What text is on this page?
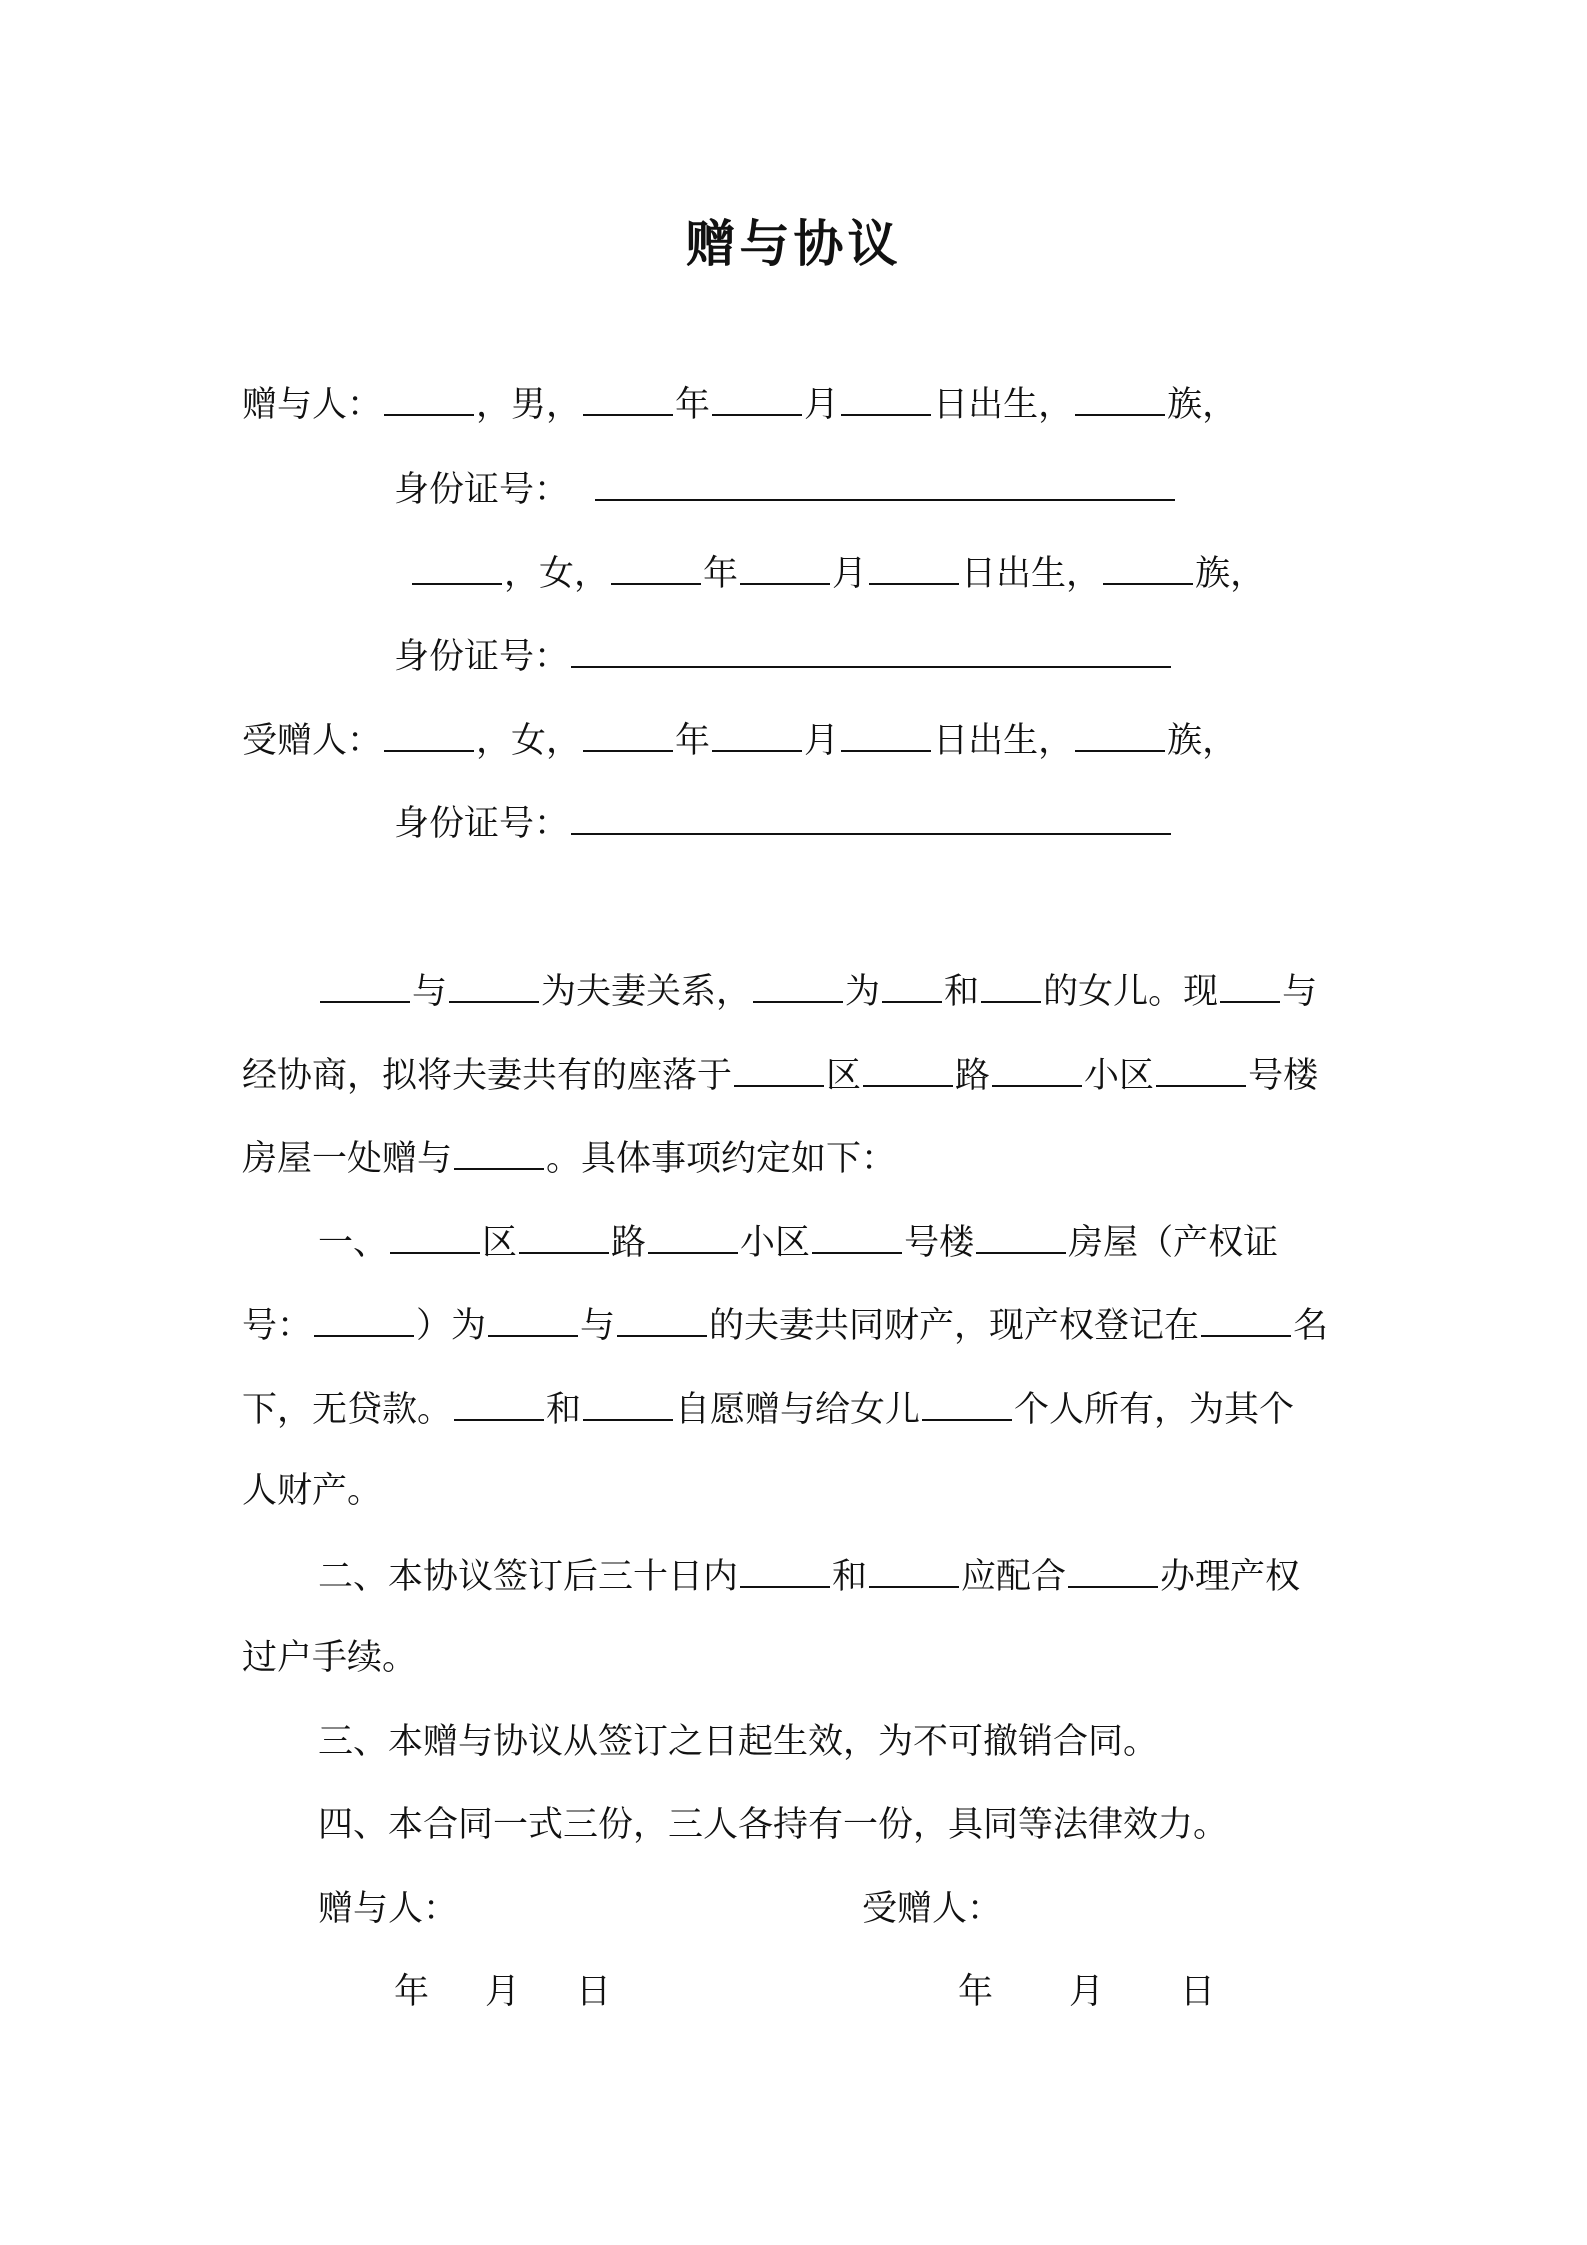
赠与协议
赠与人：	，男，	年	月	日出生，	族，
身份证号：
，女，	年	月	日出生，	族，
身份证号：
受赠人：	，女，	年	月	日出生，	族，
身份证号：
与	为夫妻关系，	为 和 的女儿。现 与
经协商，拟将夫妻共有的座落于	区	路	小区	号楼
房屋一处赠与	。具体事项约定如下：
一、	区	路	小区	号楼	房屋（产权证
号：	）为	与	的夫妻共同财产，现产权登记在	名
下，无贷款。	和	自愿赠与给女儿	个人所有，为其个
人财产。
二、本协议签订后三十日内	和	应配合	办理产权
过户手续。
三、本赠与协议从签订之日起生效，为不可撤销合同。
四、本合同一式三份，三人各持有一份，具同等法律效力。
赠与人：	受赠人：
年 月 日	年 月 日
